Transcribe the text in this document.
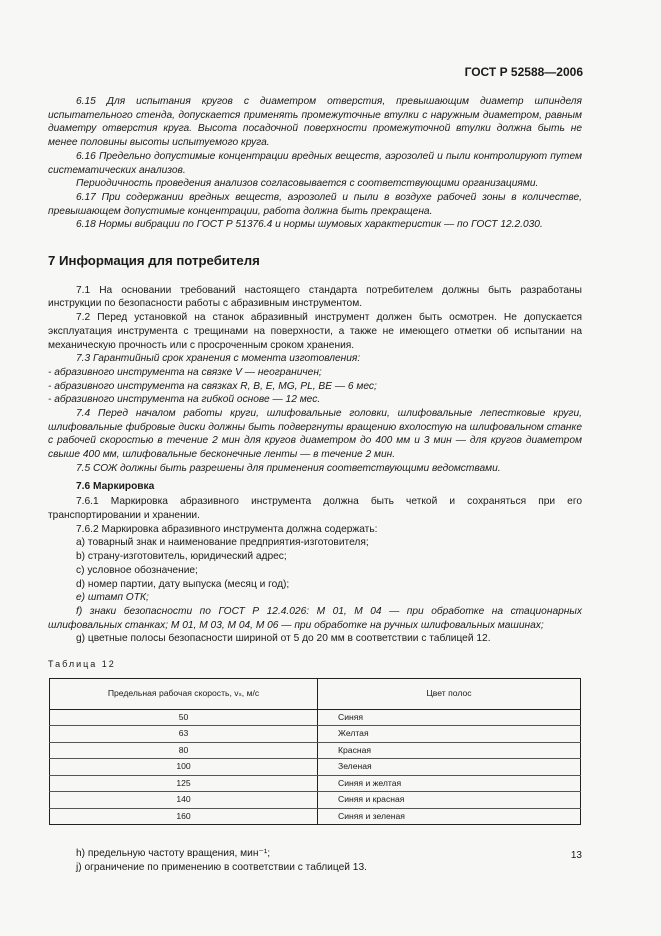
ГОСТ Р 52588—2006

6.15 Для испытания кругов с диаметром отверстия, превышающим диаметр шпинделя испытательного стенда, допускается применять промежуточные втулки с наружным диаметром, равным диаметру отверстия круга. Высота посадочной поверхности промежуточной втулки должна быть не менее половины высоты испытуемого круга.

6.16 Предельно допустимые концентрации вредных веществ, аэрозолей и пыли контролируют путем систематических анализов.

Периодичность проведения анализов согласовывается с соответствующими организациями.

6.17 При содержании вредных веществ, аэрозолей и пыли в воздухе рабочей зоны в количестве, превышающем допустимые концентрации, работа должна быть прекращена.

6.18 Нормы вибрации по ГОСТ Р 51376.4 и нормы шумовых характеристик — по ГОСТ 12.2.030.

7 Информация для потребителя

7.1 На основании требований настоящего стандарта потребителем должны быть разработаны инструкции по безопасности работы с абразивным инструментом.

7.2 Перед установкой на станок абразивный инструмент должен быть осмотрен. Не допускается эксплуатация инструмента с трещинами на поверхности, а также не имеющего отметки об испытании на механическую прочность или с просроченным сроком хранения.

7.3 Гарантийный срок хранения с момента изготовления:

- абразивного инструмента на связке V — неограничен;

- абразивного инструмента на связках R, B, E, MG, PL, BE — 6 мес;

- абразивного инструмента на гибкой основе — 12 мес.

7.4 Перед началом работы круги, шлифовальные головки, шлифовальные лепестковые круги, шлифовальные фибровые диски должны быть подвергнуты вращению вхолостую на шлифовальном станке с рабочей скоростью в течение 2 мин для кругов диаметром до 400 мм и 3 мин — для кругов диаметром свыше 400 мм, шлифовальные бесконечные ленты — в течение 2 мин.

7.5 СОЖ должны быть разрешены для применения соответствующими ведомствами.

7.6 Маркировка

7.6.1 Маркировка абразивного инструмента должна быть четкой и сохраняться при его транспортировании и хранении.

7.6.2 Маркировка абразивного инструмента должна содержать:

а) товарный знак и наименование предприятия-изготовителя;

b) страну-изготовитель, юридический адрес;

c) условное обозначение;

d) номер партии, дату выпуска (месяц и год);

e) штамп ОТК;

f) знаки безопасности по ГОСТ Р 12.4.026: М 01, М 04 — при обработке на стационарных шлифовальных станках; М 01, М 03, М 04, М 06 — при обработке на ручных шлифовальных машинах;

g) цветные полосы безопасности шириной от 5 до 20 мм в соответствии с таблицей 12.

Таблица 12

Предельная рабочая скорость, vₛ, м/с	Цвет полос
50	Синяя
63	Желтая
80	Красная
100	Зеленая
125	Синяя и желтая
140	Синяя и красная
160	Синяя и зеленая

h) предельную частоту вращения, мин⁻¹;

j) ограничение по применению в соответствии с таблицей 13.

13
